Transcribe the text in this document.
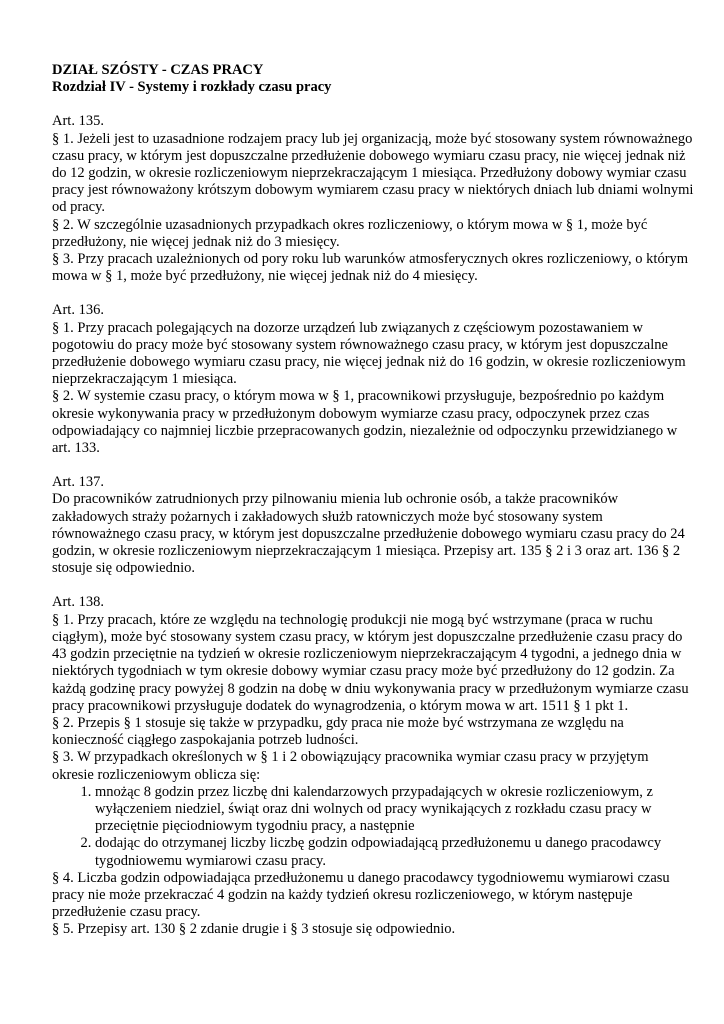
DZIAŁ SZÓSTY - CZAS PRACY

Rozdział IV - Systemy i rozkłady czasu pracy

Art. 135.

§ 1. Jeżeli jest to uzasadnione rodzajem pracy lub jej organizacją, może być stosowany system równoważnego czasu pracy, w którym jest dopuszczalne przedłużenie dobowego wymiaru czasu pracy, nie więcej jednak niż do 12 godzin, w okresie rozliczeniowym nieprzekraczającym 1 miesiąca. Przedłużony dobowy wymiar czasu pracy jest równoważony krótszym dobowym wymiarem czasu pracy w niektórych dniach lub dniami wolnymi od pracy.

§ 2. W szczególnie uzasadnionych przypadkach okres rozliczeniowy, o którym mowa w § 1, może być przedłużony, nie więcej jednak niż do 3 miesięcy.

§ 3. Przy pracach uzależnionych od pory roku lub warunków atmosferycznych okres rozliczeniowy, o którym mowa w § 1, może być przedłużony, nie więcej jednak niż do 4 miesięcy.

Art. 136.

§ 1. Przy pracach polegających na dozorze urządzeń lub związanych z częściowym pozostawaniem w pogotowiu do pracy może być stosowany system równoważnego czasu pracy, w którym jest dopuszczalne przedłużenie dobowego wymiaru czasu pracy, nie więcej jednak niż do 16 godzin, w okresie rozliczeniowym nieprzekraczającym 1 miesiąca.

§ 2. W systemie czasu pracy, o którym mowa w § 1, pracownikowi przysługuje, bezpośrednio po każdym okresie wykonywania pracy w przedłużonym dobowym wymiarze czasu pracy, odpoczynek przez czas odpowiadający co najmniej liczbie przepracowanych godzin, niezależnie od odpoczynku przewidzianego w art. 133.

Art. 137.

Do pracowników zatrudnionych przy pilnowaniu mienia lub ochronie osób, a także pracowników zakładowych straży pożarnych i zakładowych służb ratowniczych może być stosowany system równoważnego czasu pracy, w którym jest dopuszczalne przedłużenie dobowego wymiaru czasu pracy do 24 godzin, w okresie rozliczeniowym nieprzekraczającym 1 miesiąca. Przepisy art. 135 § 2 i 3 oraz art. 136 § 2 stosuje się odpowiednio.

Art. 138.

§ 1. Przy pracach, które ze względu na technologię produkcji nie mogą być wstrzymane (praca w ruchu ciągłym), może być stosowany system czasu pracy, w którym jest dopuszczalne przedłużenie czasu pracy do 43 godzin przeciętnie na tydzień w okresie rozliczeniowym nieprzekraczającym 4 tygodni, a jednego dnia w niektórych tygodniach w tym okresie dobowy wymiar czasu pracy może być przedłużony do 12 godzin. Za każdą godzinę pracy powyżej 8 godzin na dobę w dniu wykonywania pracy w przedłużonym wymiarze czasu pracy pracownikowi przysługuje dodatek do wynagrodzenia, o którym mowa w art. 1511 § 1 pkt 1.

§ 2. Przepis § 1 stosuje się także w przypadku, gdy praca nie może być wstrzymana ze względu na konieczność ciągłego zaspokajania potrzeb ludności.

§ 3. W przypadkach określonych w § 1 i 2 obowiązujący pracownika wymiar czasu pracy w przyjętym okresie rozliczeniowym oblicza się:

1. mnożąc 8 godzin przez liczbę dni kalendarzowych przypadających w okresie rozliczeniowym, z wyłączeniem niedziel, świąt oraz dni wolnych od pracy wynikających z rozkładu czasu pracy w przeciętnie pięciodniowym tygodniu pracy, a następnie
2. dodając do otrzymanej liczby liczbę godzin odpowiadającą przedłużonemu u danego pracodawcy tygodniowemu wymiarowi czasu pracy.

§ 4. Liczba godzin odpowiadająca przedłużonemu u danego pracodawcy tygodniowemu wymiarowi czasu pracy nie może przekraczać 4 godzin na każdy tydzień okresu rozliczeniowego, w którym następuje przedłużenie czasu pracy.

§ 5. Przepisy art. 130 § 2 zdanie drugie i § 3 stosuje się odpowiednio.
